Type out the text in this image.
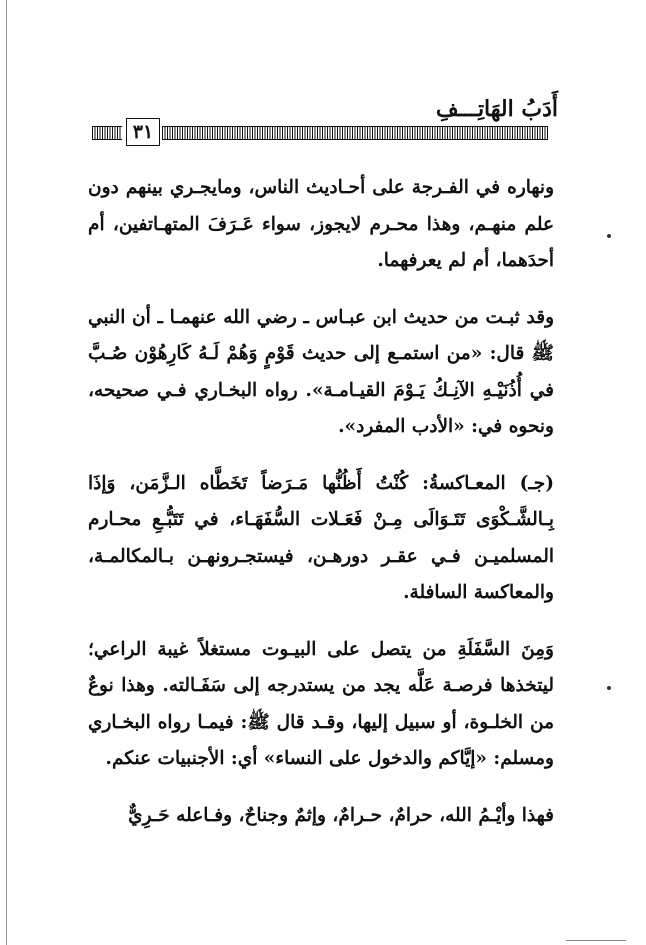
أَدَبُ الهَاتِـــفِ
٣١

ونهاره في الفـرجة على أحـاديث الناس، ومايجـري بينهم دون علم منهـم، وهذا محـرم لايجوز، سواء عَـرَفَ المتهـاتفين، أم أحدَهما، أم لم يعرفهما.

وقد ثبـت من حديث ابن عبـاس ـ رضي الله عنهمـا ـ أن النبي ﷺ قال: «من استمـع إلى حديث قَوْمٍ وَهُمْ لَـهُ كَارِهُوْن صُـبَّ في أُذُنَيْـهِ الآنِـكُ يَـوْمَ القيـامـة». رواه البخـاري فـي صحيحه، ونحوه في: «الأدب المفرد».

(جـ) المعـاكسةُ: كُنْتُ أَظُنُّها مَـرَضاً تَخَطَّاه الـزَّمَن، وَإذَا بِـالشَّـكْوَى تَتَـوَالَى مِـنْ فَعَـلات السُّفَهَـاء، في تَتَبُّـعِ محـارم المسلميـن فـي عقـر دورهـن، فيستجـرونهـن بـالمكالمـة، والمعاكسة السافلة.

وَمِنَ السَّفَلَةِ من يتصل على البيـوت مستغلاً غيبة الراعي؛ ليتخذها فرصـة عَلَّه يجد من يستدرجه إلى سَفَـالته. وهذا نوعٌ من الخلـوة، أو سبيل إليها، وقـد قال ﷺ: فيمـا رواه البخـاري ومسلم: «إيَّاكم والدخول على النساء» أي: الأجنبيات عنكم.

فهذا وأيْـمُ الله، حرامٌ، حـرامٌ، وإثمٌ وجناحٌ، وفـاعله حَـرِيٌّ
